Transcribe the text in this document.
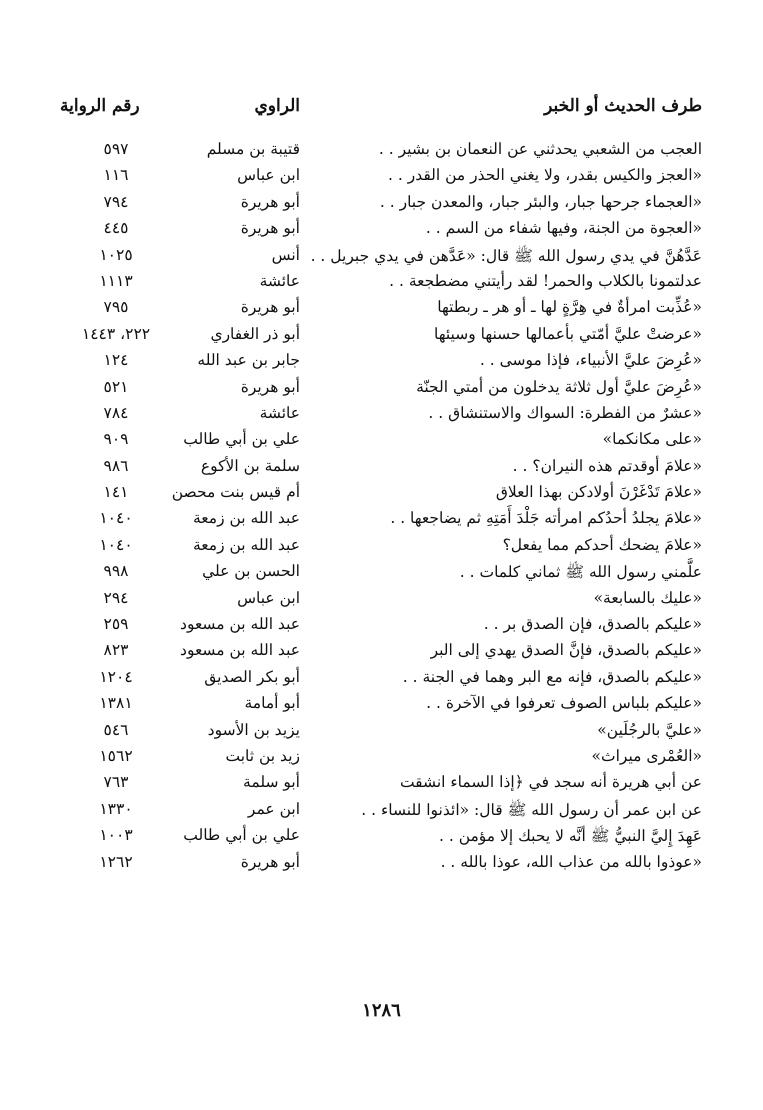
طرف الحديث أو الخبر
الراوي
رقم الرواية
العجب من الشعبي يحدثني عن النعمان بن بشير . .
قتيبة بن مسلم
٥٩٧
«العجز والكيس بقدر، ولا يغني الحذر من القدر . .
ابن عباس
١١٦
«العجماء جرحها جبار، والبئر جبار، والمعدن جبار . .
أبو هريرة
٧٩٤
«العجوة من الجنة، وفيها شفاء من السم . .
أبو هريرة
٤٤٥
عَدَّهُنَّ في يدي رسول الله ﷺ قال: «عَدَّهن في يدي جبريل . .
أنس
١٠٢٥
عدلتمونا بالكلاب والحمر! لقد رأيتني مضطجعة . .
عائشة
١١١٣
«عُذِّبت امرأةٌ في هِرَّةٍ لها ـ أو هر ـ ربطتها
أبو هريرة
٧٩٥
«عرضتْ عليَّ أمّتي بأعمالها حسنها وسيئها
أبو ذر الغفاري
٢٢٢، ١٤٤٣
«عُرِضَ عليَّ الأنبياء، فإذا موسى . .
جابر بن عبد الله
١٢٤
«عُرِضَ عليَّ أول ثلاثة يدخلون من أمتي الجنّة
أبو هريرة
٥٢١
«عشرٌ من الفطرة: السواك والاستنشاق . .
عائشة
٧٨٤
«على مكانكما»
علي بن أبي طالب
٩٠٩
«علامَ أوقدتم هذه النيران؟ . .
سلمة بن الأكوع
٩٨٦
«علامَ تَدْغَرْنَ أولادكن بهذا العلاق
أم قيس بنت محصن
١٤١
«علامَ يجلدُ أحدُكم امرأته جَلْدَ أَمَتِهِ ثم يضاجعها . .
عبد الله بن زمعة
١٠٤٠
«علامَ يضحك أحدكم مما يفعل؟
عبد الله بن زمعة
١٠٤٠
علَّمني رسول الله ﷺ ثماني كلمات . .
الحسن بن علي
٩٩٨
«عليك بالسابعة»
ابن عباس
٢٩٤
«عليكم بالصدق، فإن الصدق بر . .
عبد الله بن مسعود
٢٥٩
«عليكم بالصدق، فإنَّ الصدق يهدي إلى البر
عبد الله بن مسعود
٨٢٣
«عليكم بالصدق، فإنه مع البر وهما في الجنة . .
أبو بكر الصديق
١٢٠٤
«عليكم بلباس الصوف تعرفوا في الآخرة . .
أبو أمامة
١٣٨١
«عليَّ بالرجُلَين»
يزيد بن الأسود
٥٤٦
«العُمْرى ميراث»
زيد بن ثابت
١٥٦٢
عن أبي هريرة أنه سجد في ﴿إذا السماء انشقت
أبو سلمة
٧٦٣
عن ابن عمر أن رسول الله ﷺ قال: «ائذنوا للنساء . .
ابن عمر
١٣٣٠
عَهِدَ إِليَّ النبيُّ ﷺ أنَّه لا يحبك إلا مؤمن . .
علي بن أبي طالب
١٠٠٣
«عوذوا بالله من عذاب الله، عوذا بالله . .
أبو هريرة
١٢٦٢
١٢٨٦
